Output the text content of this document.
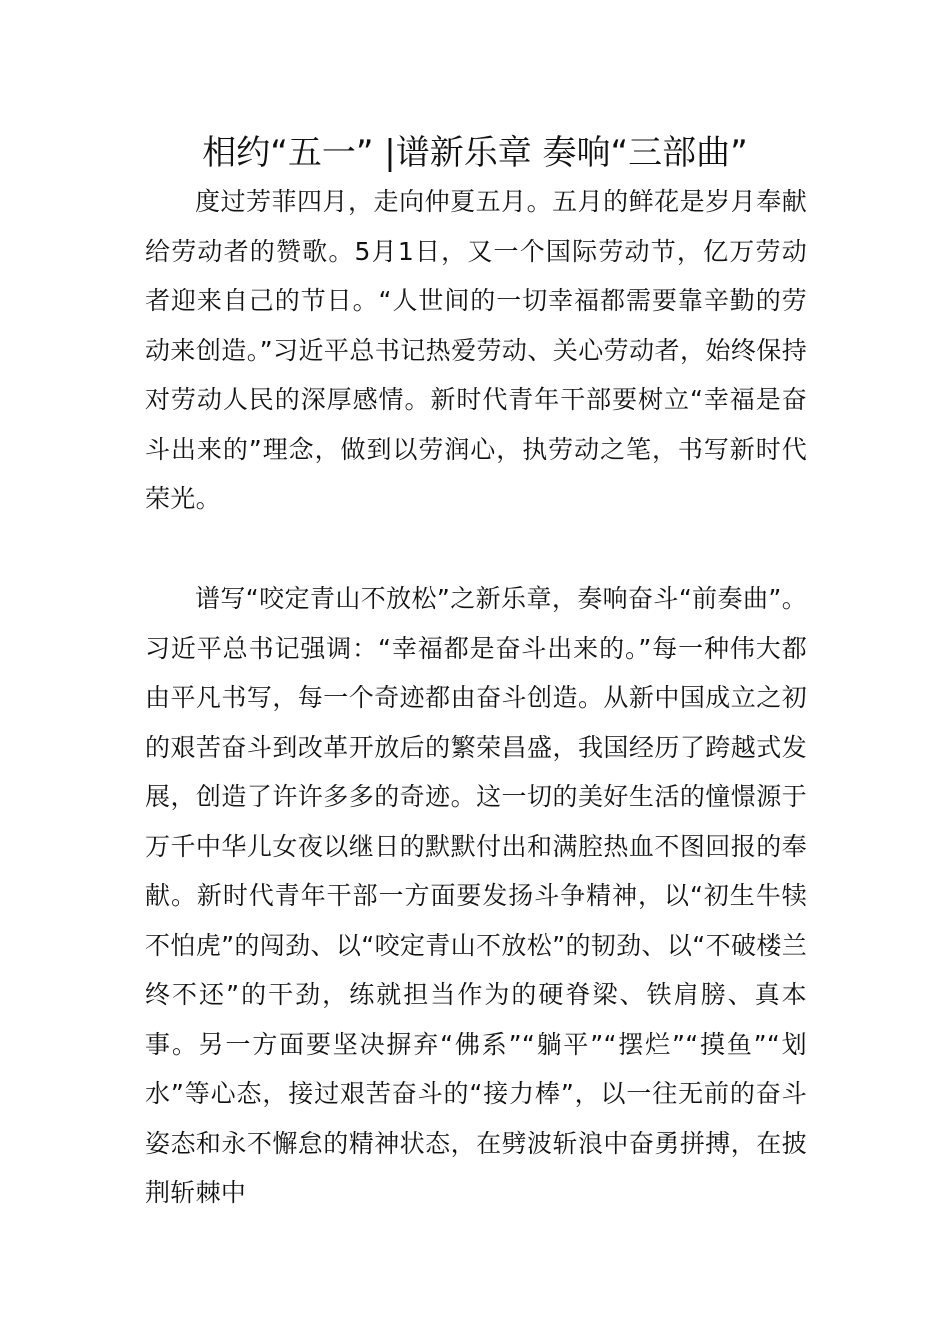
相约“五一” |谱新乐章 奏响“三部曲”

度过芳菲四月，走向仲夏五月。五月的鲜花是岁月奉献给劳动者的赞歌。5月1日，又一个国际劳动节，亿万劳动者迎来自己的节日。“人世间的一切幸福都需要靠辛勤的劳动来创造。”习近平总书记热爱劳动、关心劳动者，始终保持对劳动人民的深厚感情。新时代青年干部要树立“幸福是奋斗出来的”理念，做到以劳润心，执劳动之笔，书写新时代荣光。

谱写“咬定青山不放松”之新乐章，奏响奋斗“前奏曲”。习近平总书记强调：“幸福都是奋斗出来的。”每一种伟大都由平凡书写，每一个奇迹都由奋斗创造。从新中国成立之初的艰苦奋斗到改革开放后的繁荣昌盛，我国经历了跨越式发展，创造了许许多多的奇迹。这一切的美好生活的憧憬源于万千中华儿女夜以继日的默默付出和满腔热血不图回报的奉献。新时代青年干部一方面要发扬斗争精神，以“初生牛犊不怕虎”的闯劲、以“咬定青山不放松”的韧劲、以“不破楼兰终不还”的干劲，练就担当作为的硬脊梁、铁肩膀、真本事。另一方面要坚决摒弃“佛系”“躺平”“摆烂”“摸鱼”“划水”等心态，接过艰苦奋斗的“接力棒”，以一往无前的奋斗姿态和永不懈怠的精神状态，在劈波斩浪中奋勇拼搏，在披荆斩棘中
